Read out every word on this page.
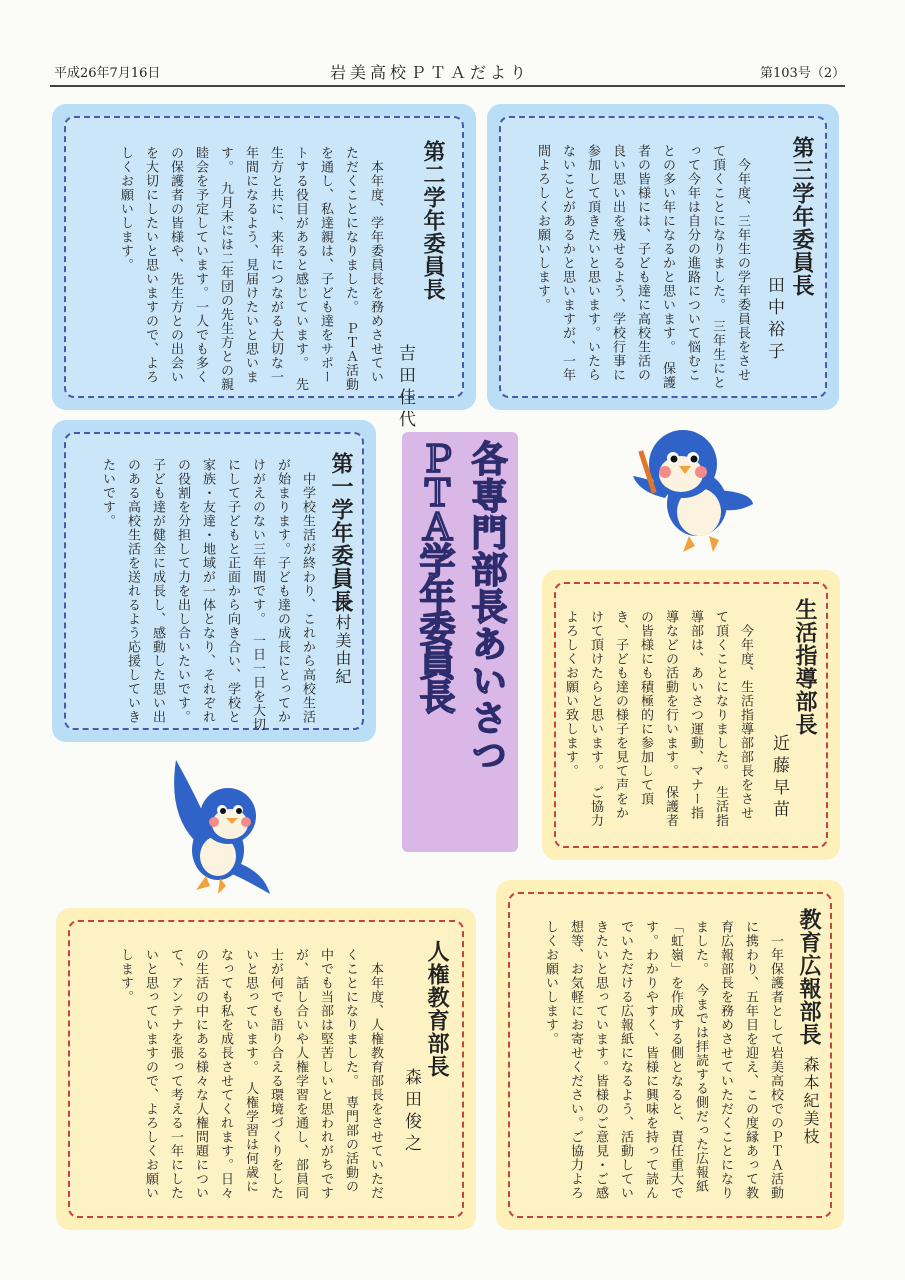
平成26年7月16日	岩美高校ＰＴＡだより	第103号（2）
第三学年委員長
田中裕子
　今年度、三年生の学年委員長をさせて頂くことになりました。　三年生にとって今年は自分の進路について悩むことの多い年になるかと思います。　保護者の皆様には、子ども達に高校生活の良い思い出を残せるよう、学校行事に参加して頂きたいと思います。いたらないことがあるかと思いますが、一年間よろしくお願いします。
第二学年委員長
吉田佳代
　本年度、学年委員長を務めさせていただくことになりました。　ＰＴＡ活動を通し、私達親は、子ども達をサポートする役目があると感じています。　先生方と共に、来年につながる大切な一年間になるよう、見届けたいと思います。　九月末には二年団の先生方との親睦会を予定しています。一人でも多くの保護者の皆様や、先生方との出会いを大切にしたいと思いますので、よろしくお願いします。
第一学年委員長
木村美由紀
　中学校生活が終わり、これから高校生活が始まります。子ども達の成長にとってかけがえのない三年間です。　一日一日を大切にして子どもと正面から向き合い、学校と家族・友達・地域が一体となり、それぞれの役割を分担して力を出し合いたいです。　子ども達が健全に成長し、感動した思い出のある高校生活を送れるよう応援していきたいです。	ＰＴＡ学年委員長 各専門部長あいさつ	生活指導部長
近藤早苗
　今年度、生活指導部部長をさせて頂くことになりました。　生活指導部は、あいさつ運動、マナー指導などの活動を行います。　保護者の皆様にも積極的に参加して頂き、子ども達の様子を見て声をかけて頂けたらと思います。　ご協力よろしくお願い致します。
人権教育部長
森田俊之
　本年度、人権教育部長をさせていただくことになりました。　専門部の活動の中でも当部は堅苦しいと思われがちですが、話し合いや人権学習を通し、部員同士が何でも語り合える環境づくりをしたいと思っています。　人権学習は何歳になっても私を成長させてくれます。日々の生活の中にある様々な人権問題について、アンテナを張って考える一年にしたいと思っていますので、よろしくお願いします。	教育広報部長
森本紀美枝
　一年保護者として岩美高校でのＰＴＡ活動に携わり、五年目を迎え、この度縁あって教育広報部長を務めさせていただくことになりました。　今までは拝読する側だった広報紙「虹嶺」を作成する側となると、責任重大です。わかりやすく、皆様に興味を持って読んでいただける広報紙になるよう、活動していきたいと思っています。皆様のご意見・ご感想等、お気軽にお寄せください。ご協力よろしくお願いします。
